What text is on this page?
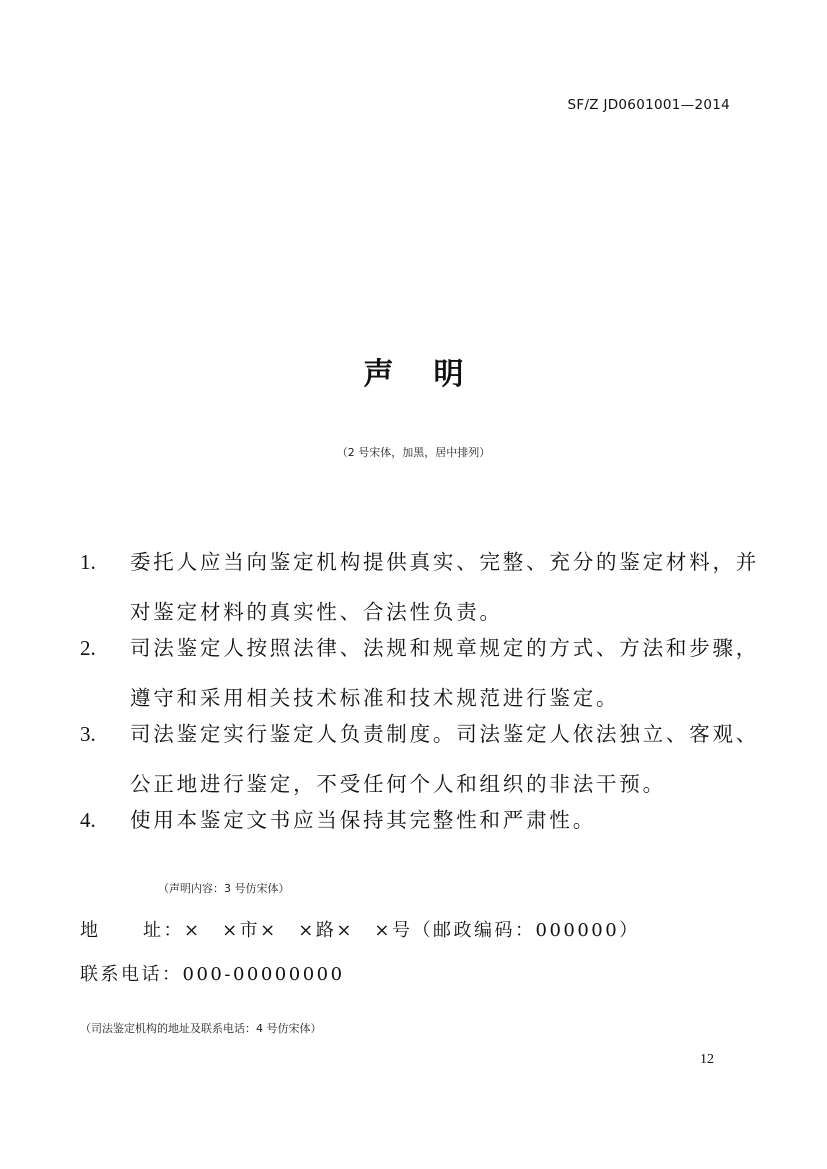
SF/Z JD0601001—2014
声明
（2 号宋体，加黑，居中排列）
1. 委托人应当向鉴定机构提供真实、完整、充分的鉴定材料，并
对鉴定材料的真实性、合法性负责。
2. 司法鉴定人按照法律、法规和规章规定的方式、方法和步骤，
遵守和采用相关技术标准和技术规范进行鉴定。
3. 司法鉴定实行鉴定人负责制度。司法鉴定人依法独立、客观、
公正地进行鉴定，不受任何个人和组织的非法干预。
4. 使用本鉴定文书应当保持其完整性和严肃性。
（声明内容：3 号仿宋体）
地 址：×　×市×　×路×　×号（邮政编码：000000）
联系电话：000-00000000
（司法鉴定机构的地址及联系电话：4 号仿宋体）
12
